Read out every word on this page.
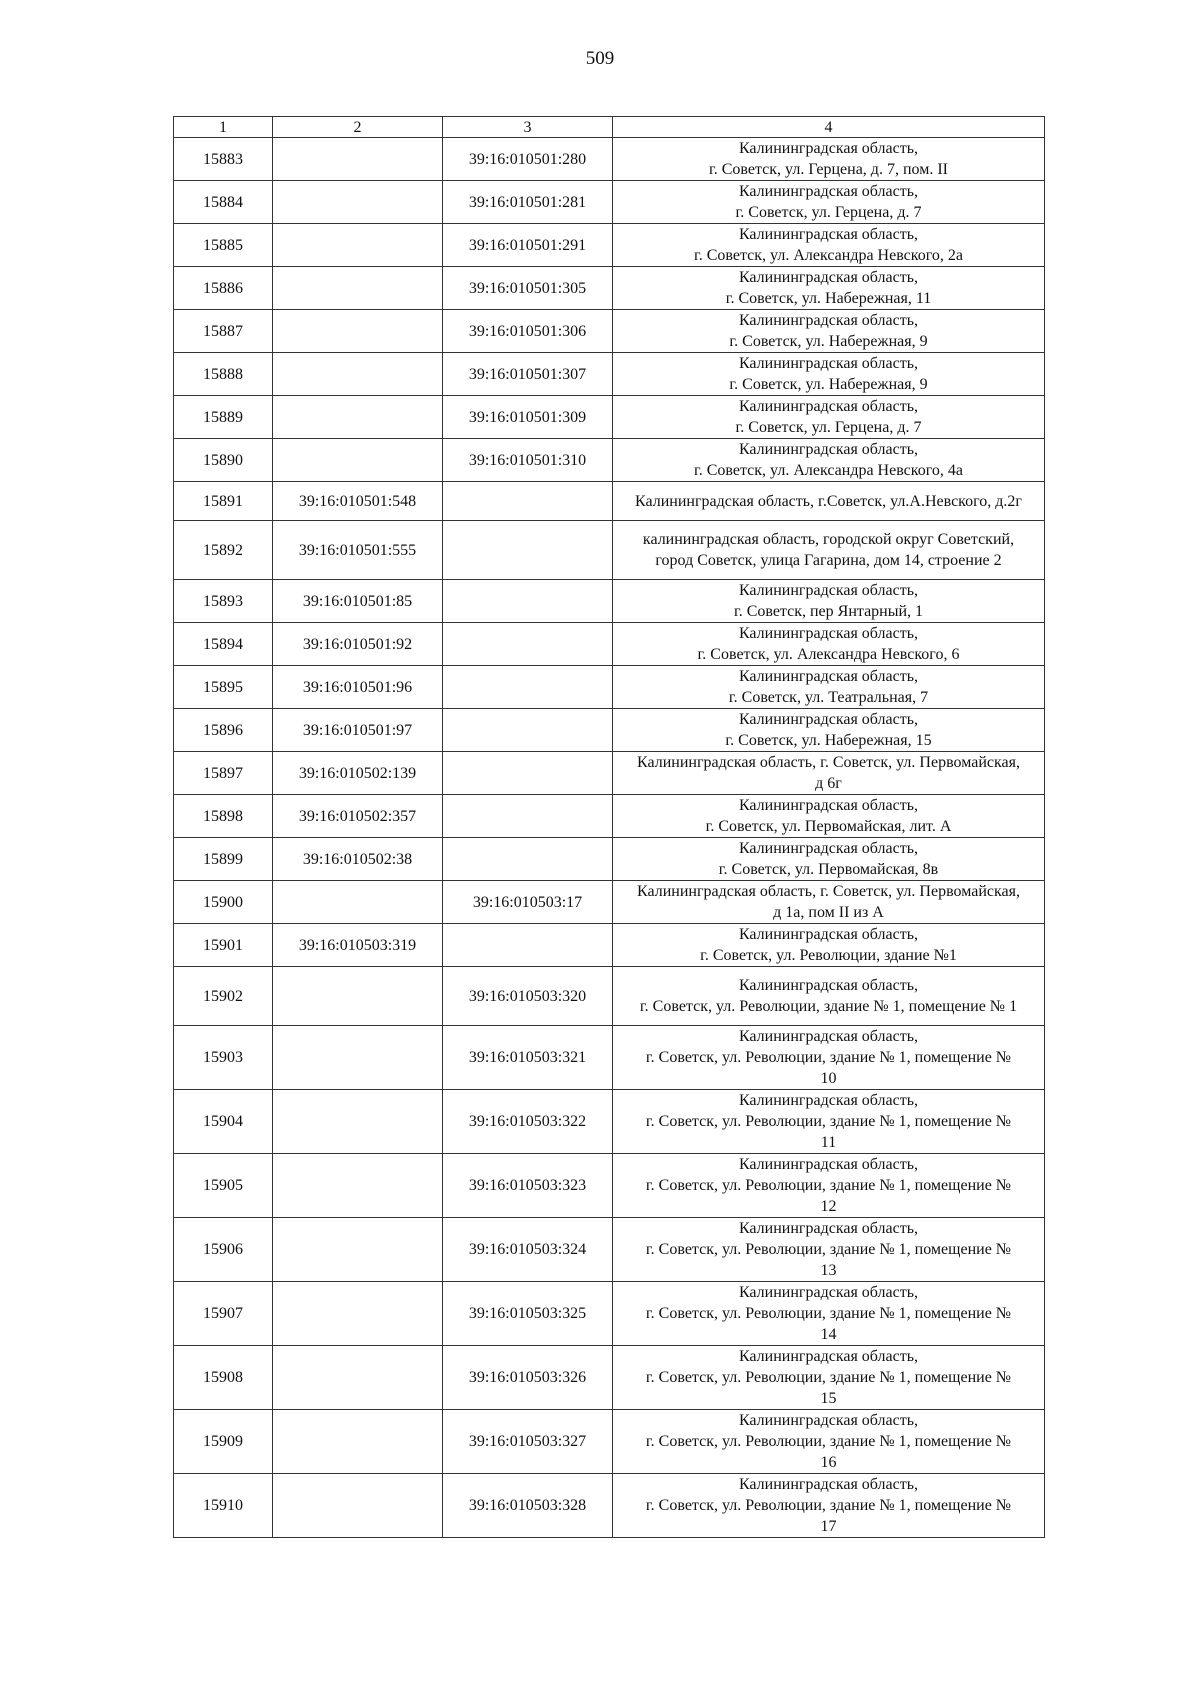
509
1	2	3	4
15883		39:16:010501:280	Калининградская область,
г. Советск, ул. Герцена, д. 7, пом. II

15884		39:16:010501:281	Калининградская область,
г. Советск, ул. Герцена, д. 7

15885		39:16:010501:291	Калининградская область,
г. Советск, ул. Александра Невского, 2а

15886		39:16:010501:305	Калининградская область,
г. Советск, ул. Набережная, 11

15887		39:16:010501:306	Калининградская область,
г. Советск, ул. Набережная, 9

15888		39:16:010501:307	Калининградская область,
г. Советск, ул. Набережная, 9

15889		39:16:010501:309	Калининградская область,
г. Советск, ул. Герцена, д. 7

15890		39:16:010501:310	Калининградская область,
г. Советск, ул. Александра Невского, 4а

15891	39:16:010501:548		Калининградская область, г.Советск, ул.А.Невского, д.2г

15892	39:16:010501:555		калининградская область, городской округ Советский,
город Советск, улица Гагарина, дом 14, строение 2

15893	39:16:010501:85		Калининградская область,
г. Советск, пер Янтарный, 1

15894	39:16:010501:92		Калининградская область,
г. Советск, ул. Александра Невского, 6

15895	39:16:010501:96		Калининградская область,
г. Советск, ул. Театральная, 7

15896	39:16:010501:97		Калининградская область,
г. Советск, ул. Набережная, 15

15897	39:16:010502:139		Калининградская область, г. Советск, ул. Первомайская,
д 6г

15898	39:16:010502:357		Калининградская область,
г. Советск, ул. Первомайская, лит. А

15899	39:16:010502:38		Калининградская область,
г. Советск, ул. Первомайская, 8в

15900		39:16:010503:17	Калининградская область, г. Советск, ул. Первомайская,
д 1а, пом II из А

15901	39:16:010503:319		Калининградская область,
г. Советск, ул. Революции, здание №1

15902		39:16:010503:320	Калининградская область,
г. Советск, ул. Революции, здание № 1, помещение № 1

15903		39:16:010503:321	Калининградская область,
г. Советск, ул. Революции, здание № 1, помещение №
10

15904		39:16:010503:322	Калининградская область,
г. Советск, ул. Революции, здание № 1, помещение №
11

15905		39:16:010503:323	Калининградская область,
г. Советск, ул. Революции, здание № 1, помещение №
12

15906		39:16:010503:324	Калининградская область,
г. Советск, ул. Революции, здание № 1, помещение №
13

15907		39:16:010503:325	Калининградская область,
г. Советск, ул. Революции, здание № 1, помещение №
14

15908		39:16:010503:326	Калининградская область,
г. Советск, ул. Революции, здание № 1, помещение №
15

15909		39:16:010503:327	Калининградская область,
г. Советск, ул. Революции, здание № 1, помещение №
16

15910		39:16:010503:328	Калининградская область,
г. Советск, ул. Революции, здание № 1, помещение №
17
